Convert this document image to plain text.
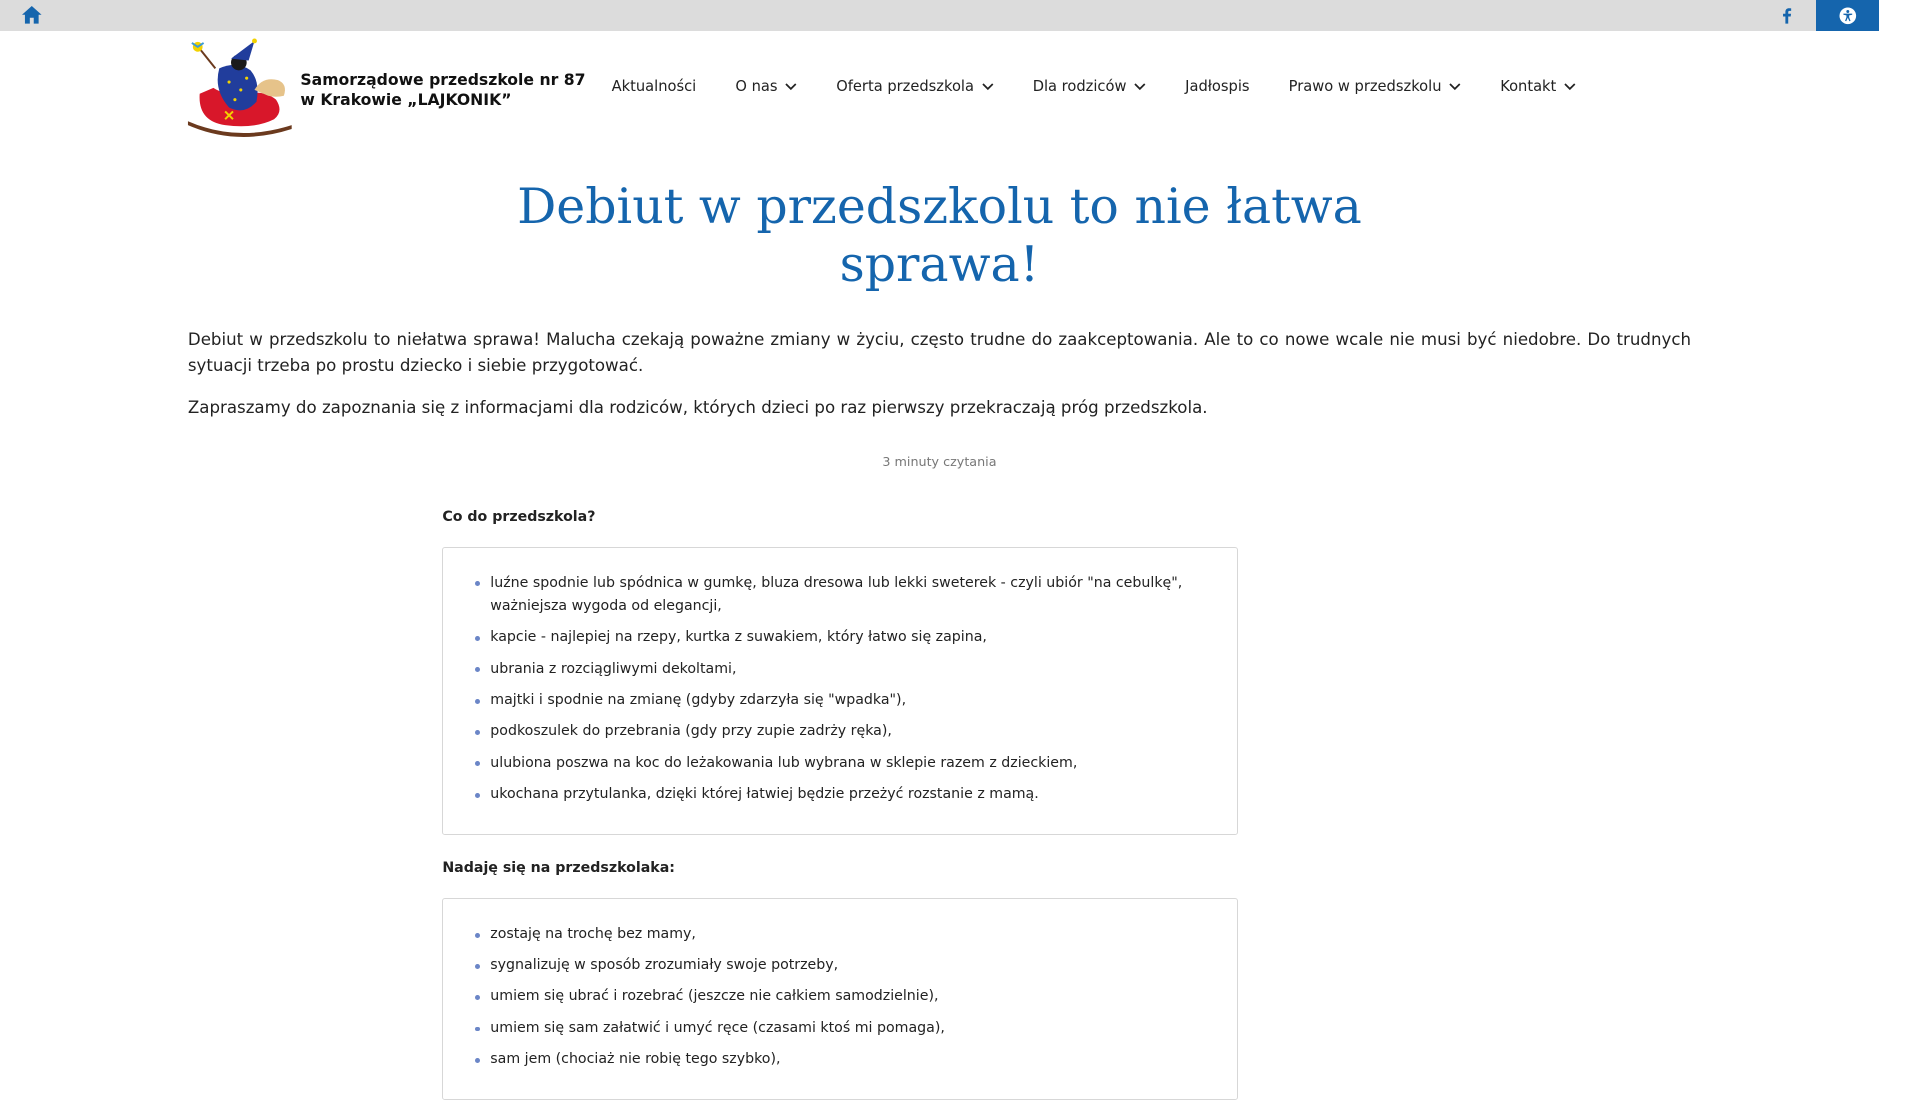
Samorządowe przedszkole nr 87
w Krakowie „LAJKONIK”
Aktualności	O nas	Oferta przedszkola	Dla rodziców	Jadłospis	Prawo w przedszkolu	Kontakt
Debiut w przedszkolu to nie łatwa sprawa!

Debiut w przedszkolu to niełatwa sprawa! Malucha czekają poważne zmiany w życiu, często trudne do zaakceptowania. Ale to co nowe wcale nie musi być niedobre. Do trudnych sytuacji trzeba po prostu dziecko i siebie przygotować.

Zapraszamy do zapoznania się z informacjami dla rodziców, których dzieci po raz pierwszy przekraczają próg przedszkola.

3 minuty czytania
Co do przedszkola?
luźne spodnie lub spódnica w gumkę, bluza dresowa lub lekki sweterek - czyli ubiór "na cebulkę", ważniejsza wygoda od elegancji,
kapcie - najlepiej na rzepy, kurtka z suwakiem, który łatwo się zapina,
ubrania z rozciągliwymi dekoltami,
majtki i spodnie na zmianę (gdyby zdarzyła się "wpadka"),
podkoszulek do przebrania (gdy przy zupie zadrży ręka),
ulubiona poszwa na koc do leżakowania lub wybrana w sklepie razem z dzieckiem,
ukochana przytulanka, dzięki której łatwiej będzie przeżyć rozstanie z mamą.
Nadaję się na przedszkolaka:
zostaję na trochę bez mamy,
sygnalizuję w sposób zrozumiały swoje potrzeby,
umiem się ubrać i rozebrać (jeszcze nie całkiem samodzielnie),
umiem się sam załatwić i umyć ręce (czasami ktoś mi pomaga),
sam jem (chociaż nie robię tego szybko),
